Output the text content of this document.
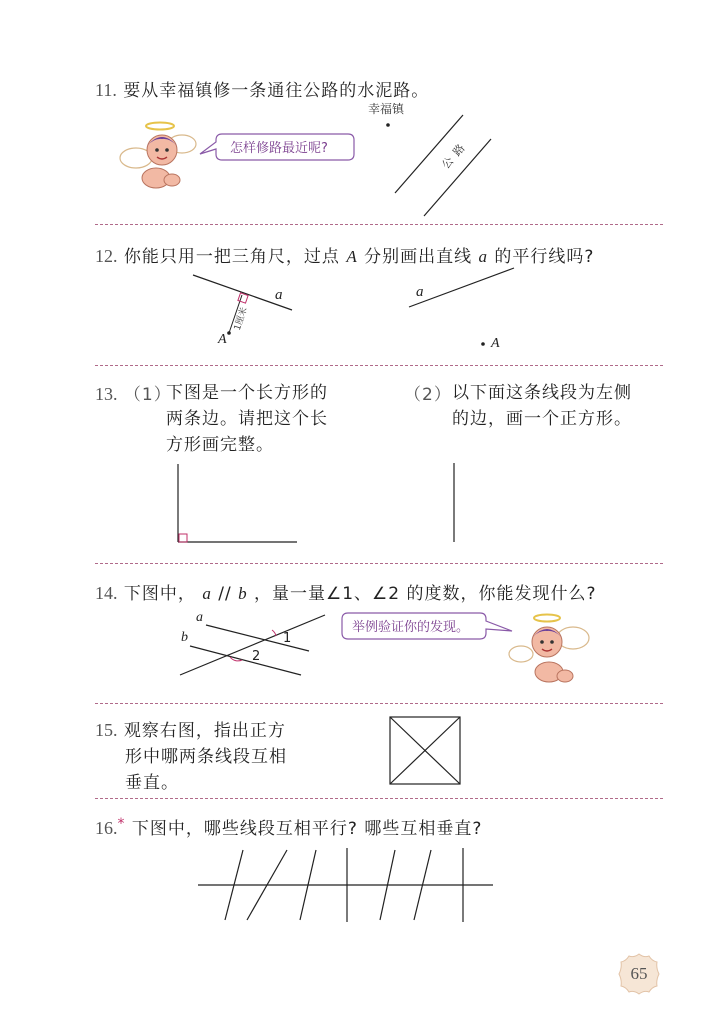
11. 要从幸福镇修一条通往公路的水泥路。
幸福镇
怎样修路最近呢?	公路
12. 你能只用一把三角尺，过点 A 分别画出直线 a 的平行线吗?
a
A
1厘米
a
A
13. （1）
下图是一个长方形的
两条边。请把这个长
方形画完整。
（2） 以下面这条线段为左侧
的边，画一个正方形。
14. 下图中， a // b ，量一量∠1、∠2 的度数，你能发现什么?
a
b	1
2
举例验证你的发现。
15. 观察右图，指出正方
形中哪两条线段互相
垂直。
16.* 下图中，哪些线段互相平行? 哪些互相垂直?
65
